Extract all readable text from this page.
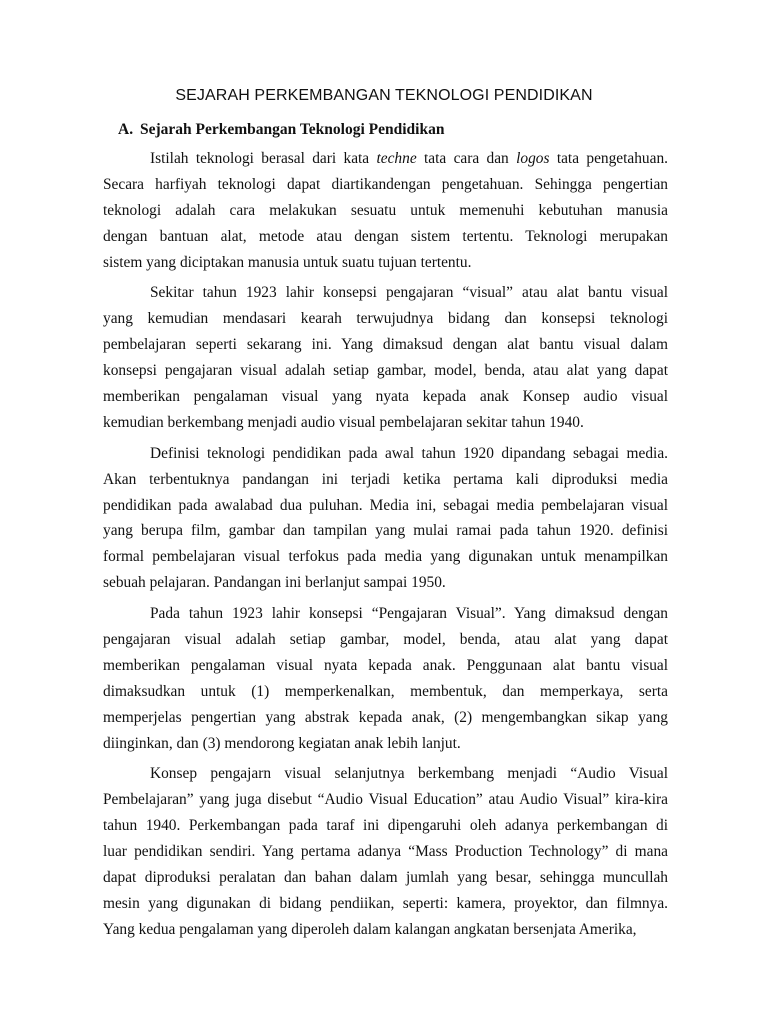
SEJARAH PERKEMBANGAN TEKNOLOGI PENDIDIKAN
A. Sejarah Perkembangan Teknologi Pendidikan
Istilah teknologi berasal dari kata techne tata cara dan logos tata pengetahuan.
Secara harfiyah teknologi dapat diartikandengan pengetahuan. Sehingga pengertian
teknologi adalah cara melakukan sesuatu untuk memenuhi kebutuhan manusia
dengan bantuan alat, metode atau dengan sistem tertentu. Teknologi merupakan
sistem yang diciptakan manusia untuk suatu tujuan tertentu.
Sekitar tahun 1923 lahir konsepsi pengajaran “visual” atau alat bantu visual
yang kemudian mendasari kearah terwujudnya bidang dan konsepsi teknologi
pembelajaran seperti sekarang ini. Yang dimaksud dengan alat bantu visual dalam
konsepsi pengajaran visual adalah setiap gambar, model, benda, atau alat yang dapat
memberikan pengalaman visual yang nyata kepada anak Konsep audio visual
kemudian berkembang menjadi audio visual pembelajaran sekitar tahun 1940.
Definisi teknologi pendidikan pada awal tahun 1920 dipandang sebagai media.
Akan terbentuknya pandangan ini terjadi ketika pertama kali diproduksi media
pendidikan pada awalabad dua puluhan. Media ini, sebagai media pembelajaran visual
yang berupa film, gambar dan tampilan yang mulai ramai pada tahun 1920. definisi
formal pembelajaran visual terfokus pada media yang digunakan untuk menampilkan
sebuah pelajaran. Pandangan ini berlanjut sampai 1950.
Pada tahun 1923 lahir konsepsi “Pengajaran Visual”. Yang dimaksud dengan
pengajaran visual adalah setiap gambar, model, benda, atau alat yang dapat
memberikan pengalaman visual nyata kepada anak. Penggunaan alat bantu visual
dimaksudkan untuk (1) memperkenalkan, membentuk, dan memperkaya, serta
memperjelas pengertian yang abstrak kepada anak, (2) mengembangkan sikap yang
diinginkan, dan (3) mendorong kegiatan anak lebih lanjut.
Konsep pengajarn visual selanjutnya berkembang menjadi “Audio Visual
Pembelajaran” yang juga disebut “Audio Visual Education” atau Audio Visual” kira-kira
tahun 1940. Perkembangan pada taraf ini dipengaruhi oleh adanya perkembangan di
luar pendidikan sendiri. Yang pertama adanya “Mass Production Technology” di mana
dapat diproduksi peralatan dan bahan dalam jumlah yang besar, sehingga muncullah
mesin yang digunakan di bidang pendiikan, seperti: kamera, proyektor, dan filmnya.
Yang kedua pengalaman yang diperoleh dalam kalangan angkatan bersenjata Amerika,
